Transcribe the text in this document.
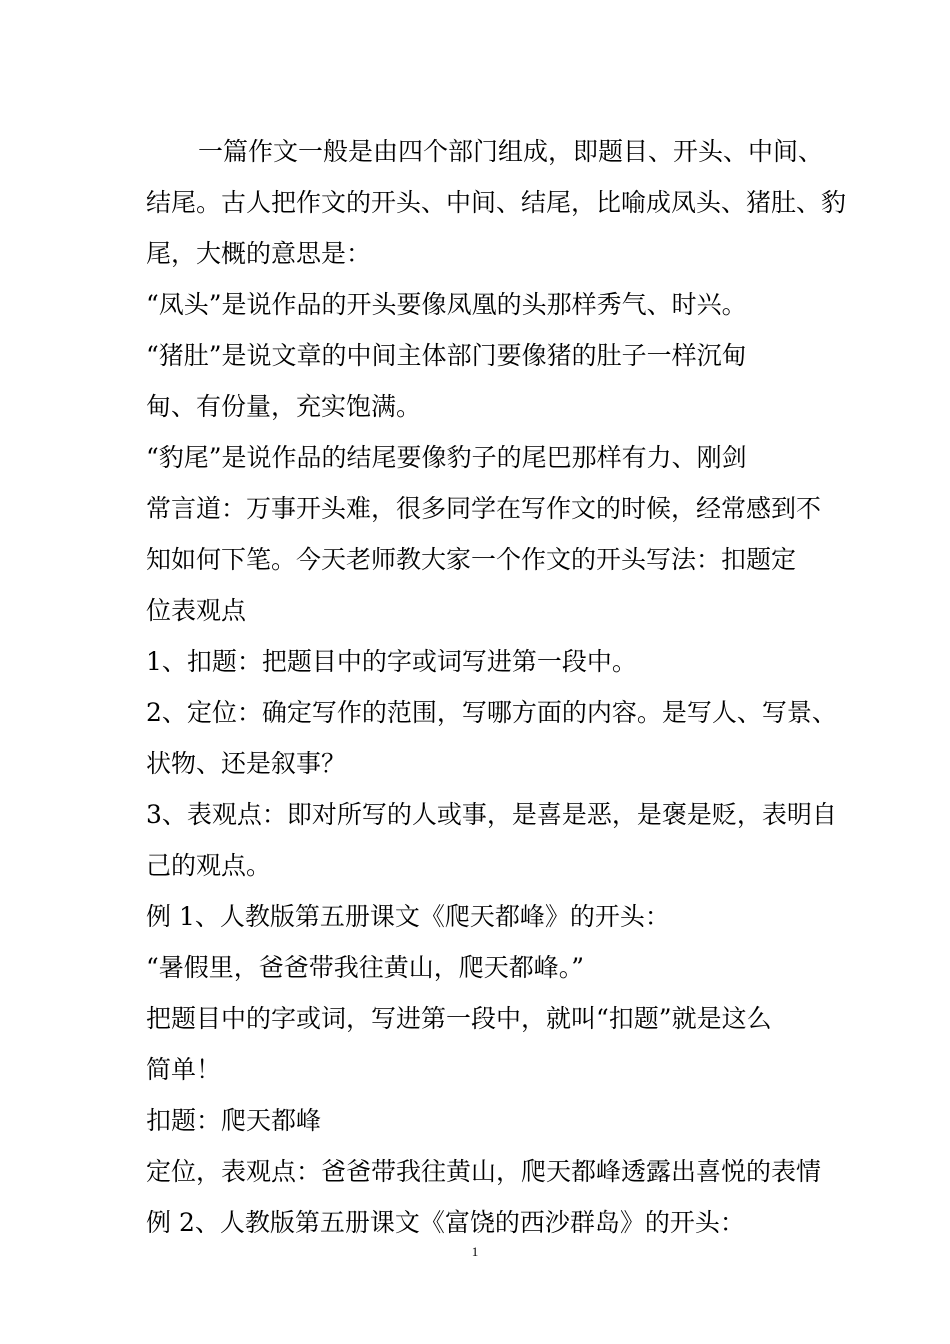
一篇作文一般是由四个部门组成，即题目、开头、中间、
结尾。古人把作文的开头、中间、结尾，比喻成凤头、猪肚、豹
尾，大概的意思是：
“凤头”是说作品的开头要像凤凰的头那样秀气、时兴。
“猪肚”是说文章的中间主体部门要像猪的肚子一样沉甸
甸、有份量，充实饱满。
“豹尾”是说作品的结尾要像豹子的尾巴那样有力、刚剑
常言道：万事开头难，很多同学在写作文的时候，经常感到不
知如何下笔。今天老师教大家一个作文的开头写法：扣题定
位表观点
1、扣题：把题目中的字或词写进第一段中。
2、定位：确定写作的范围，写哪方面的内容。是写人、写景、
状物、还是叙事？
3、表观点：即对所写的人或事，是喜是恶，是褒是贬，表明自
己的观点。
例 1、人教版第五册课文《爬天都峰》的开头：
“暑假里，爸爸带我往黄山，爬天都峰。”
把题目中的字或词，写进第一段中，就叫“扣题”就是这么
简单！
扣题：爬天都峰
定位，表观点：爸爸带我往黄山，爬天都峰透露出喜悦的表情
例 2、人教版第五册课文《富饶的西沙群岛》的开头：
1
